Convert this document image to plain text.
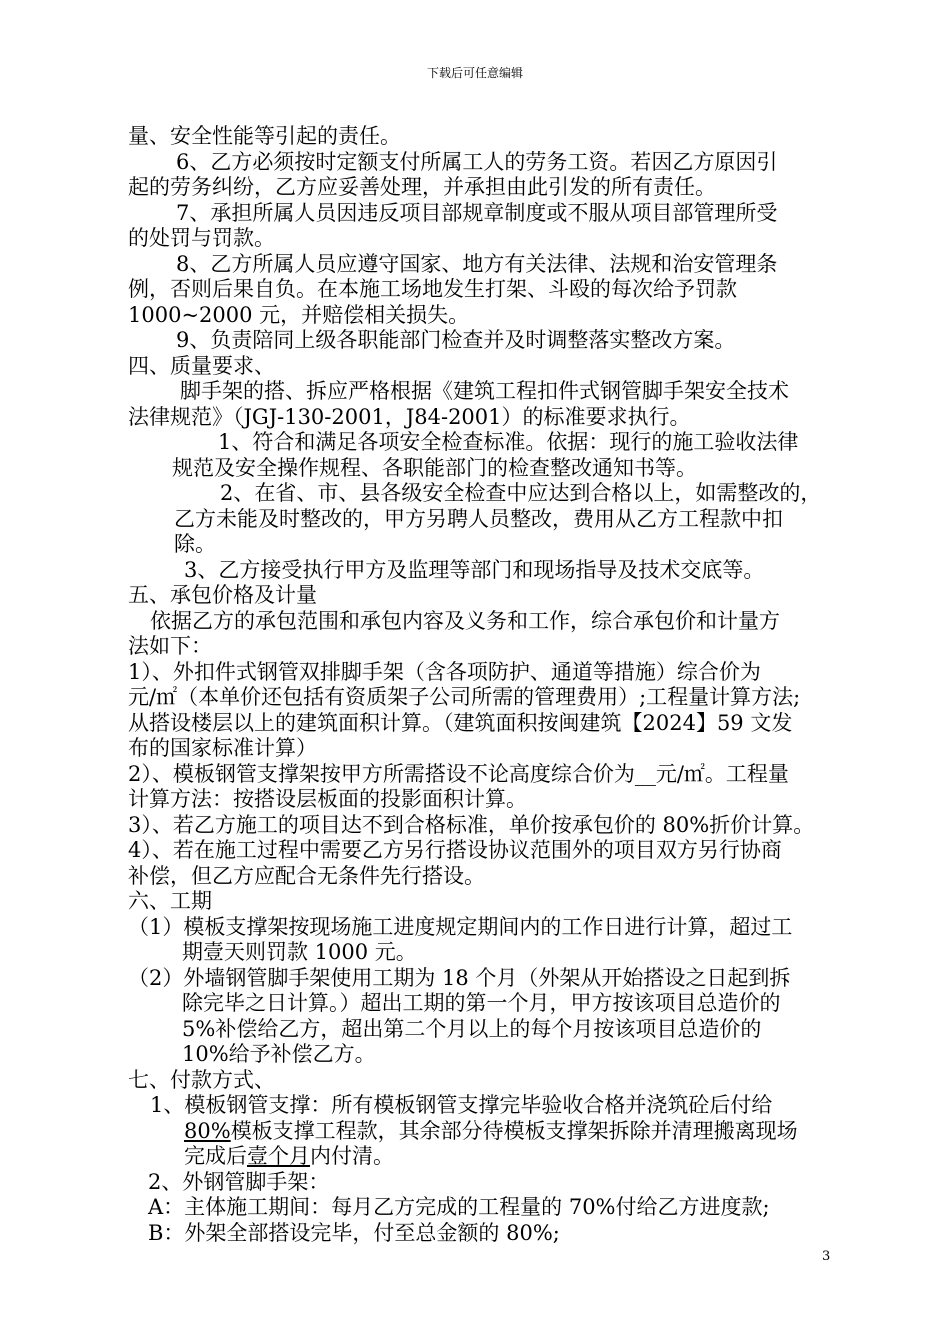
下载后可任意编辑

量、安全性能等引起的责任。

6、乙方必须按时定额支付所属工人的劳务工资。若因乙方原因引

起的劳务纠纷，乙方应妥善处理，并承担由此引发的所有责任。

7、承担所属人员因违反项目部规章制度或不服从项目部管理所受

的处罚与罚款。

8、乙方所属人员应遵守国家、地方有关法律、法规和治安管理条

例，否则后果自负。在本施工场地发生打架、斗殴的每次给予罚款

1000~2000 元，并赔偿相关损失。

9、负责陪同上级各职能部门检查并及时调整落实整改方案。

四、质量要求、

脚手架的搭、拆应严格根据《建筑工程扣件式钢管脚手架安全技术

法律规范》（JGJ-130-2001，J84-2001）的标准要求执行。

1、符合和满足各项安全检查标准。依据：现行的施工验收法律

规范及安全操作规程、各职能部门的检查整改通知书等。

2、在省、市、县各级安全检查中应达到合格以上，如需整改的，

乙方未能及时整改的，甲方另聘人员整改，费用从乙方工程款中扣

除。

3、乙方接受执行甲方及监理等部门和现场指导及技术交底等。

五、承包价格及计量

依据乙方的承包范围和承包内容及义务和工作，综合承包价和计量方

法如下：

1）、外扣件式钢管双排脚手架（含各项防护、通道等措施）综合价为

元/㎡（本单价还包括有资质架子公司所需的管理费用）;工程量计算方法;

从搭设楼层以上的建筑面积计算。（建筑面积按闽建筑【2024】59 文发

布的国家标准计算）

2）、模板钢管支撑架按甲方所需搭设不论高度综合价为__元/㎡。工程量

计算方法：按搭设层板面的投影面积计算。

3）、若乙方施工的项目达不到合格标准，单价按承包价的 80%折价计算。

4）、若在施工过程中需要乙方另行搭设协议范围外的项目双方另行协商

补偿，但乙方应配合无条件先行搭设。

六、工期

（1）模板支撑架按现场施工进度规定期间内的工作日进行计算，超过工

期壹天则罚款 1000 元。

（2）外墙钢管脚手架使用工期为 18 个月（外架从开始搭设之日起到拆

除完毕之日计算。）超出工期的第一个月，甲方按该项目总造价的

5%补偿给乙方，超出第二个月以上的每个月按该项目总造价的

10%给予补偿乙方。

七、付款方式、

1、模板钢管支撑：所有模板钢管支撑完毕验收合格并浇筑砼后付给

80%模板支撑工程款，其余部分待模板支撑架拆除并清理搬离现场

完成后壹个月内付清。

2、外钢管脚手架：

A：主体施工期间：每月乙方完成的工程量的 70%付给乙方进度款;

B：外架全部搭设完毕，付至总金额的 80%;

3
